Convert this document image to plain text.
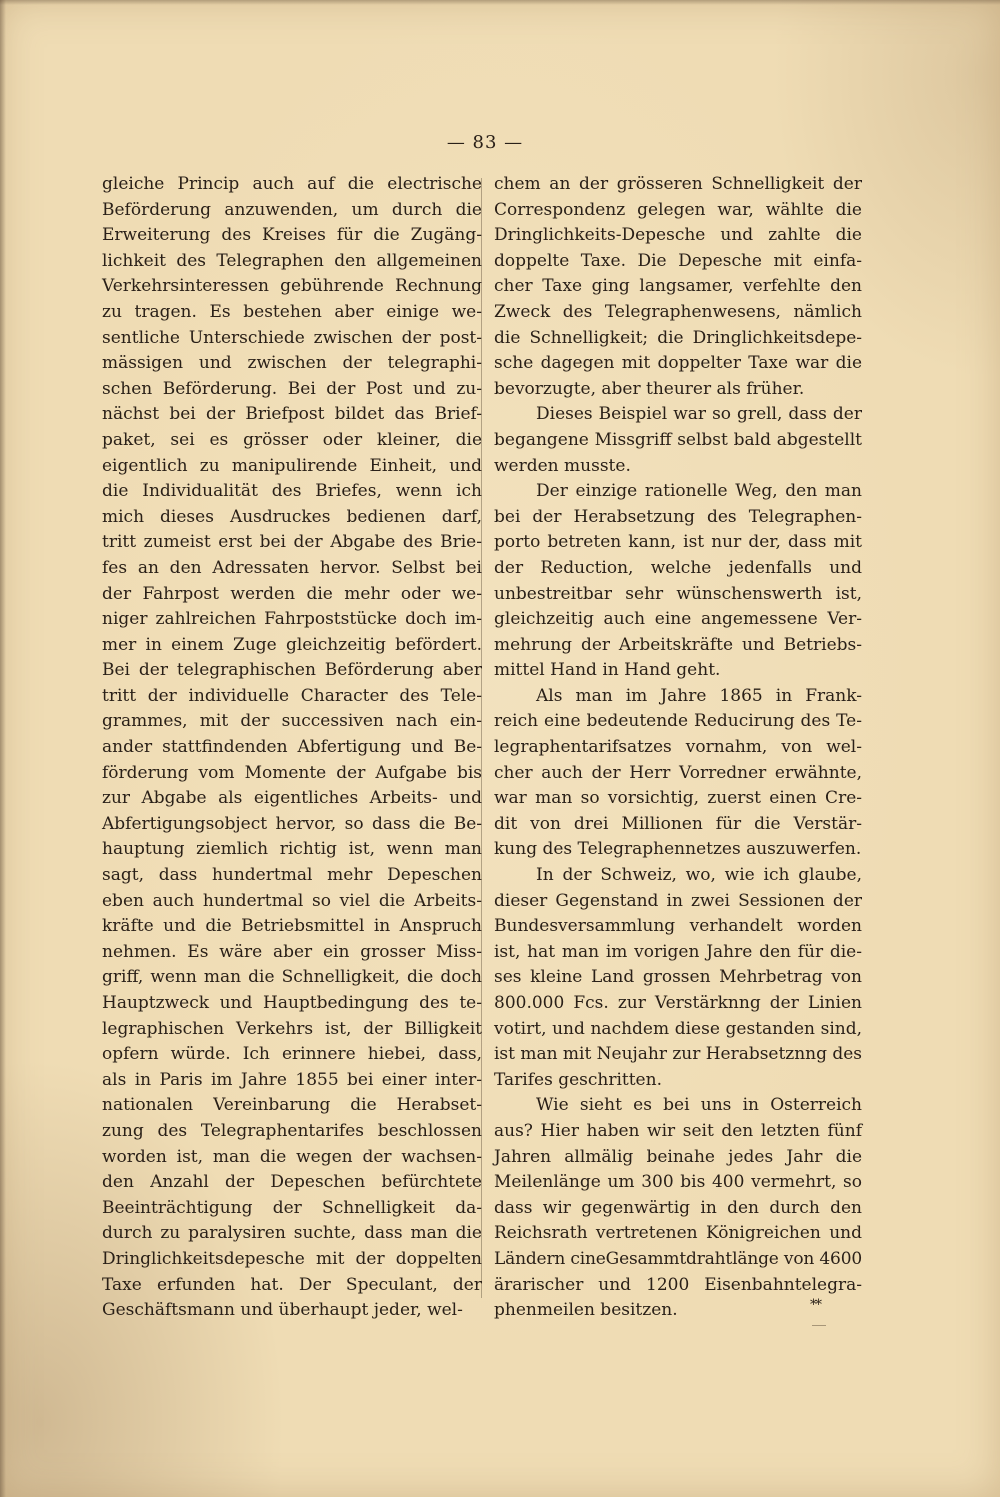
— 83 —
gleiche Princip auch auf die electrische
Beförderung anzuwenden, um durch die
Erweiterung des Kreises für die Zugäng-
lichkeit des Telegraphen den allgemeinen
Verkehrsinteressen gebührende Rechnung
zu tragen. Es bestehen aber einige we-
sentliche Unterschiede zwischen der post-
mässigen und zwischen der telegraphi-
schen Beförderung. Bei der Post und zu-
nächst bei der Briefpost bildet das Brief-
paket, sei es grösser oder kleiner, die
eigentlich zu manipulirende Einheit, und
die Individualität des Briefes, wenn ich
mich dieses Ausdruckes bedienen darf,
tritt zumeist erst bei der Abgabe des Brie-
fes an den Adressaten hervor. Selbst bei
der Fahrpost werden die mehr oder we-
niger zahlreichen Fahrpoststücke doch im-
mer in einem Zuge gleichzeitig befördert.
Bei der telegraphischen Beförderung aber
tritt der individuelle Character des Tele-
grammes, mit der successiven nach ein-
ander stattfindenden Abfertigung und Be-
förderung vom Momente der Aufgabe bis
zur Abgabe als eigentliches Arbeits- und
Abfertigungsobject hervor, so dass die Be-
hauptung ziemlich richtig ist, wenn man
sagt, dass hundertmal mehr Depeschen
eben auch hundertmal so viel die Arbeits-
kräfte und die Betriebsmittel in Anspruch
nehmen. Es wäre aber ein grosser Miss-
griff, wenn man die Schnelligkeit, die doch
Hauptzweck und Hauptbedingung des te-
legraphischen Verkehrs ist, der Billigkeit
opfern würde. Ich erinnere hiebei, dass,
als in Paris im Jahre 1855 bei einer inter-
nationalen Vereinbarung die Herabset-
zung des Telegraphentarifes beschlossen
worden ist, man die wegen der wachsen-
den Anzahl der Depeschen befürchtete
Beeinträchtigung der Schnelligkeit da-
durch zu paralysiren suchte, dass man die
Dringlichkeitsdepesche mit der doppelten
Taxe erfunden hat. Der Speculant, der
Geschäftsmann und überhaupt jeder, wel-
chem an der grösseren Schnelligkeit der
Correspondenz gelegen war, wählte die
Dringlichkeits-Depesche und zahlte die
doppelte Taxe. Die Depesche mit einfa-
cher Taxe ging langsamer, verfehlte den
Zweck des Telegraphenwesens, nämlich
die Schnelligkeit; die Dringlichkeitsdepe-
sche dagegen mit doppelter Taxe war die
bevorzugte, aber theurer als früher.
Dieses Beispiel war so grell, dass der
begangene Missgriff selbst bald abgestellt
werden musste.
Der einzige rationelle Weg, den man
bei der Herabsetzung des Telegraphen-
porto betreten kann, ist nur der, dass mit
der Reduction, welche jedenfalls und
unbestreitbar sehr wünschenswerth ist,
gleichzeitig auch eine angemessene Ver-
mehrung der Arbeitskräfte und Betriebs-
mittel Hand in Hand geht.
Als man im Jahre 1865 in Frank-
reich eine bedeutende Reducirung des Te-
legraphentarifsatzes vornahm, von wel-
cher auch der Herr Vorredner erwähnte,
war man so vorsichtig, zuerst einen Cre-
dit von drei Millionen für die Verstär-
kung des Telegraphennetzes auszuwerfen.
In der Schweiz, wo, wie ich glaube,
dieser Gegenstand in zwei Sessionen der
Bundesversammlung verhandelt worden
ist, hat man im vorigen Jahre den für die-
ses kleine Land grossen Mehrbetrag von
800.000 Fcs. zur Verstärknng der Linien
votirt, und nachdem diese gestanden sind,
ist man mit Neujahr zur Herabsetznng des
Tarifes geschritten.
Wie sieht es bei uns in Osterreich
aus? Hier haben wir seit den letzten fünf
Jahren allmälig beinahe jedes Jahr die
Meilenlänge um 300 bis 400 vermehrt, so
dass wir gegenwärtig in den durch den
Reichsrath vertretenen Königreichen und
Ländern cineGesammtdrahtlänge von 4600
ärarischer und 1200 Eisenbahntelegra-
phenmeilen besitzen.	**
